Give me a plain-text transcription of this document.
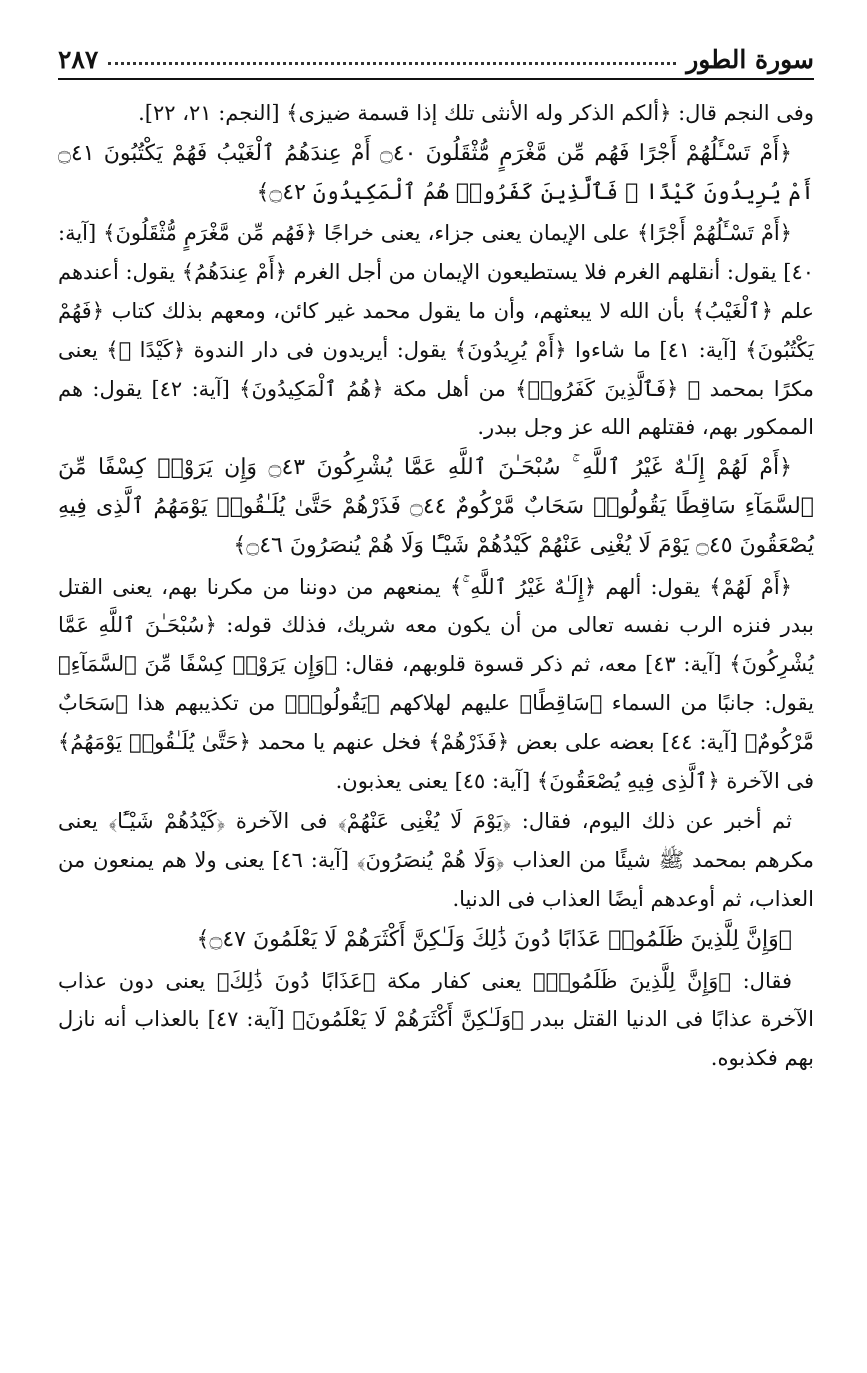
سورة الطور
٢٨٧

وفى النجم قال: ﴿ألكم الذكر وله الأنثى تلك إذا قسمة ضيزى﴾ [النجم: ٢١، ٢٢].

﴿أَمْ تَسْـَٔلُهُمْ أَجْرًا فَهُم مِّن مَّغْرَمٍ مُّثْقَلُونَ ۝٤٠ أَمْ عِندَهُمُ ٱلْغَيْبُ فَهُمْ يَكْتُبُونَ ۝٤١ أَمْ يُرِيدُونَ كَيْدًا ۖ فَٱلَّذِينَ كَفَرُوا۟ هُمُ ٱلْمَكِيدُونَ ۝٤٢﴾

﴿أَمْ تَسْـَٔلُهُمْ أَجْرًا﴾ على الإيمان يعنى جزاء، يعنى خراجًا ﴿فَهُم مِّن مَّغْرَمٍ مُّثْقَلُونَ﴾ [آية: ٤٠] يقول: أنقلهم الغرم فلا يستطيعون الإيمان من أجل الغرم ﴿أَمْ عِندَهُمُ﴾ يقول: أعندهم علم ﴿ٱلْغَيْبُ﴾ بأن الله لا يبعثهم، وأن ما يقول محمد غير كائن، ومعهم بذلك كتاب ﴿فَهُمْ يَكْتُبُونَ﴾ [آية: ٤١] ما شاءوا ﴿أَمْ يُرِيدُونَ﴾ يقول: أيريدون فى دار الندوة ﴿كَيْدًا ۖ﴾ يعنى مكرًا بمحمد ﷺ ﴿فَٱلَّذِينَ كَفَرُوا۟﴾ من أهل مكة ﴿هُمُ ٱلْمَكِيدُونَ﴾ [آية: ٤٢] يقول: هم الممكور بهم، فقتلهم الله عز وجل ببدر.

﴿أَمْ لَهُمْ إِلَـٰهٌ غَيْرُ ٱللَّهِ ۚ سُبْحَـٰنَ ٱللَّهِ عَمَّا يُشْرِكُونَ ۝٤٣ وَإِن يَرَوْا۟ كِسْفًا مِّنَ ٱلسَّمَآءِ سَاقِطًا يَقُولُوا۟ سَحَابٌ مَّرْكُومٌ ۝٤٤ فَذَرْهُمْ حَتَّىٰ يُلَـٰقُوا۟ يَوْمَهُمُ ٱلَّذِى فِيهِ يُصْعَقُونَ ۝٤٥ يَوْمَ لَا يُغْنِى عَنْهُمْ كَيْدُهُمْ شَيْـًٔا وَلَا هُمْ يُنصَرُونَ ۝٤٦﴾

﴿أَمْ لَهُمْ﴾ يقول: ألهم ﴿إِلَـٰهٌ غَيْرُ ٱللَّهِ ۚ﴾ يمنعهم من دوننا من مكرنا بهم، يعنى القتل ببدر فنزه الرب نفسه تعالى من أن يكون معه شريك، فذلك قوله: ﴿سُبْحَـٰنَ ٱللَّهِ عَمَّا يُشْرِكُونَ﴾ [آية: ٤٣] معه، ثم ذكر قسوة قلوبهم، فقال: ﴿وَإِن يَرَوْا۟ كِسْفًا مِّنَ ٱلسَّمَآءِ﴾ يقول: جانبًا من السماء ﴿سَاقِطًا﴾ عليهم لهلاكهم ﴿يَقُولُوا۟﴾ من تكذيبهم هذا ﴿سَحَابٌ مَّرْكُومٌ﴾ [آية: ٤٤] بعضه على بعض ﴿فَذَرْهُمْ﴾ فخل عنهم يا محمد ﴿حَتَّىٰ يُلَـٰقُوا۟ يَوْمَهُمُ﴾ فى الآخرة ﴿ٱلَّذِى فِيهِ يُصْعَقُونَ﴾ [آية: ٤٥] يعنى يعذبون.

ثم أخبر عن ذلك اليوم، فقال: ﴿يَوْمَ لَا يُغْنِى عَنْهُمْ﴾ فى الآخرة ﴿كَيْدُهُمْ شَيْـًٔا﴾ يعنى مكرهم بمحمد ﷺ شيئًا من العذاب ﴿وَلَا هُمْ يُنصَرُونَ﴾ [آية: ٤٦] يعنى ولا هم يمنعون من العذاب، ثم أوعدهم أيضًا العذاب فى الدنيا.

﴿وَإِنَّ لِلَّذِينَ ظَلَمُوا۟ عَذَابًا دُونَ ذَٰلِكَ وَلَـٰكِنَّ أَكْثَرَهُمْ لَا يَعْلَمُونَ ۝٤٧﴾

فقال: ﴿وَإِنَّ لِلَّذِينَ ظَلَمُوا۟﴾ يعنى كفار مكة ﴿عَذَابًا دُونَ ذَٰلِكَ﴾ يعنى دون عذاب الآخرة عذابًا فى الدنيا القتل ببدر ﴿وَلَـٰكِنَّ أَكْثَرَهُمْ لَا يَعْلَمُونَ﴾ [آية: ٤٧] بالعذاب أنه نازل بهم فكذبوه.
